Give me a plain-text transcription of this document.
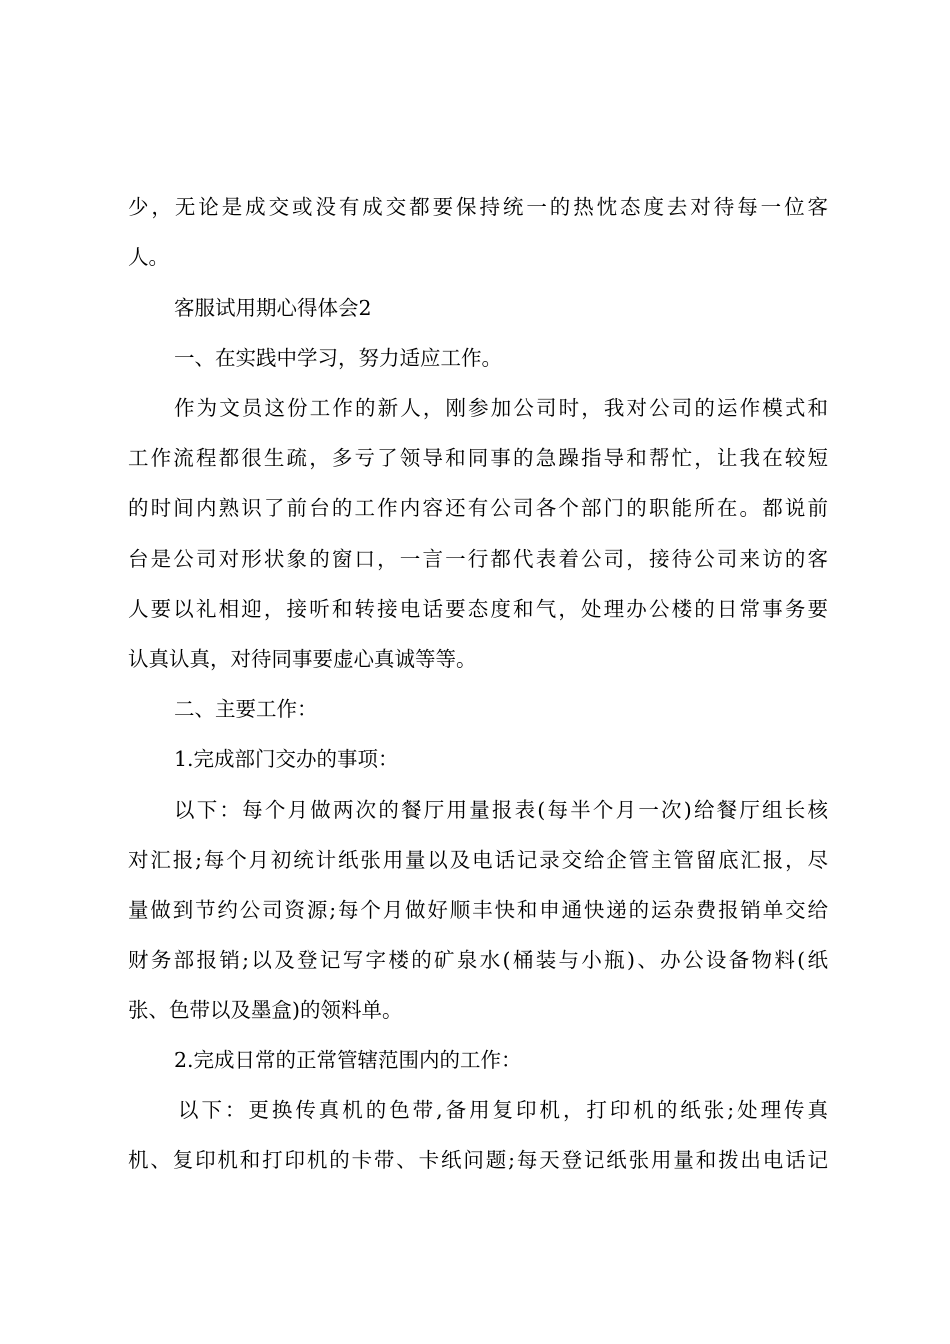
少，无论是成交或没有成交都要保持统一的热忱态度去对待每一位客
人。
客服试用期心得体会2
一、在实践中学习，努力适应工作。
作为文员这份工作的新人，刚参加公司时，我对公司的运作模式和
工作流程都很生疏，多亏了领导和同事的急躁指导和帮忙，让我在较短
的时间内熟识了前台的工作内容还有公司各个部门的职能所在。都说前
台是公司对形状象的窗口，一言一行都代表着公司，接待公司来访的客
人要以礼相迎，接听和转接电话要态度和气，处理办公楼的日常事务要
认真认真，对待同事要虚心真诚等等。
二、主要工作：
1.完成部门交办的事项：
以下：每个月做两次的餐厅用量报表(每半个月一次)给餐厅组长核
对汇报;每个月初统计纸张用量以及电话记录交给企管主管留底汇报，尽
量做到节约公司资源;每个月做好顺丰快和申通快递的运杂费报销单交给
财务部报销;以及登记写字楼的矿泉水(桶装与小瓶)、办公设备物料(纸
张、色带以及墨盒)的领料单。
2.完成日常的正常管辖范围内的工作：
以下：更换传真机的色带,备用复印机，打印机的纸张;处理传真
机、复印机和打印机的卡带、卡纸问题;每天登记纸张用量和拨出电话记
